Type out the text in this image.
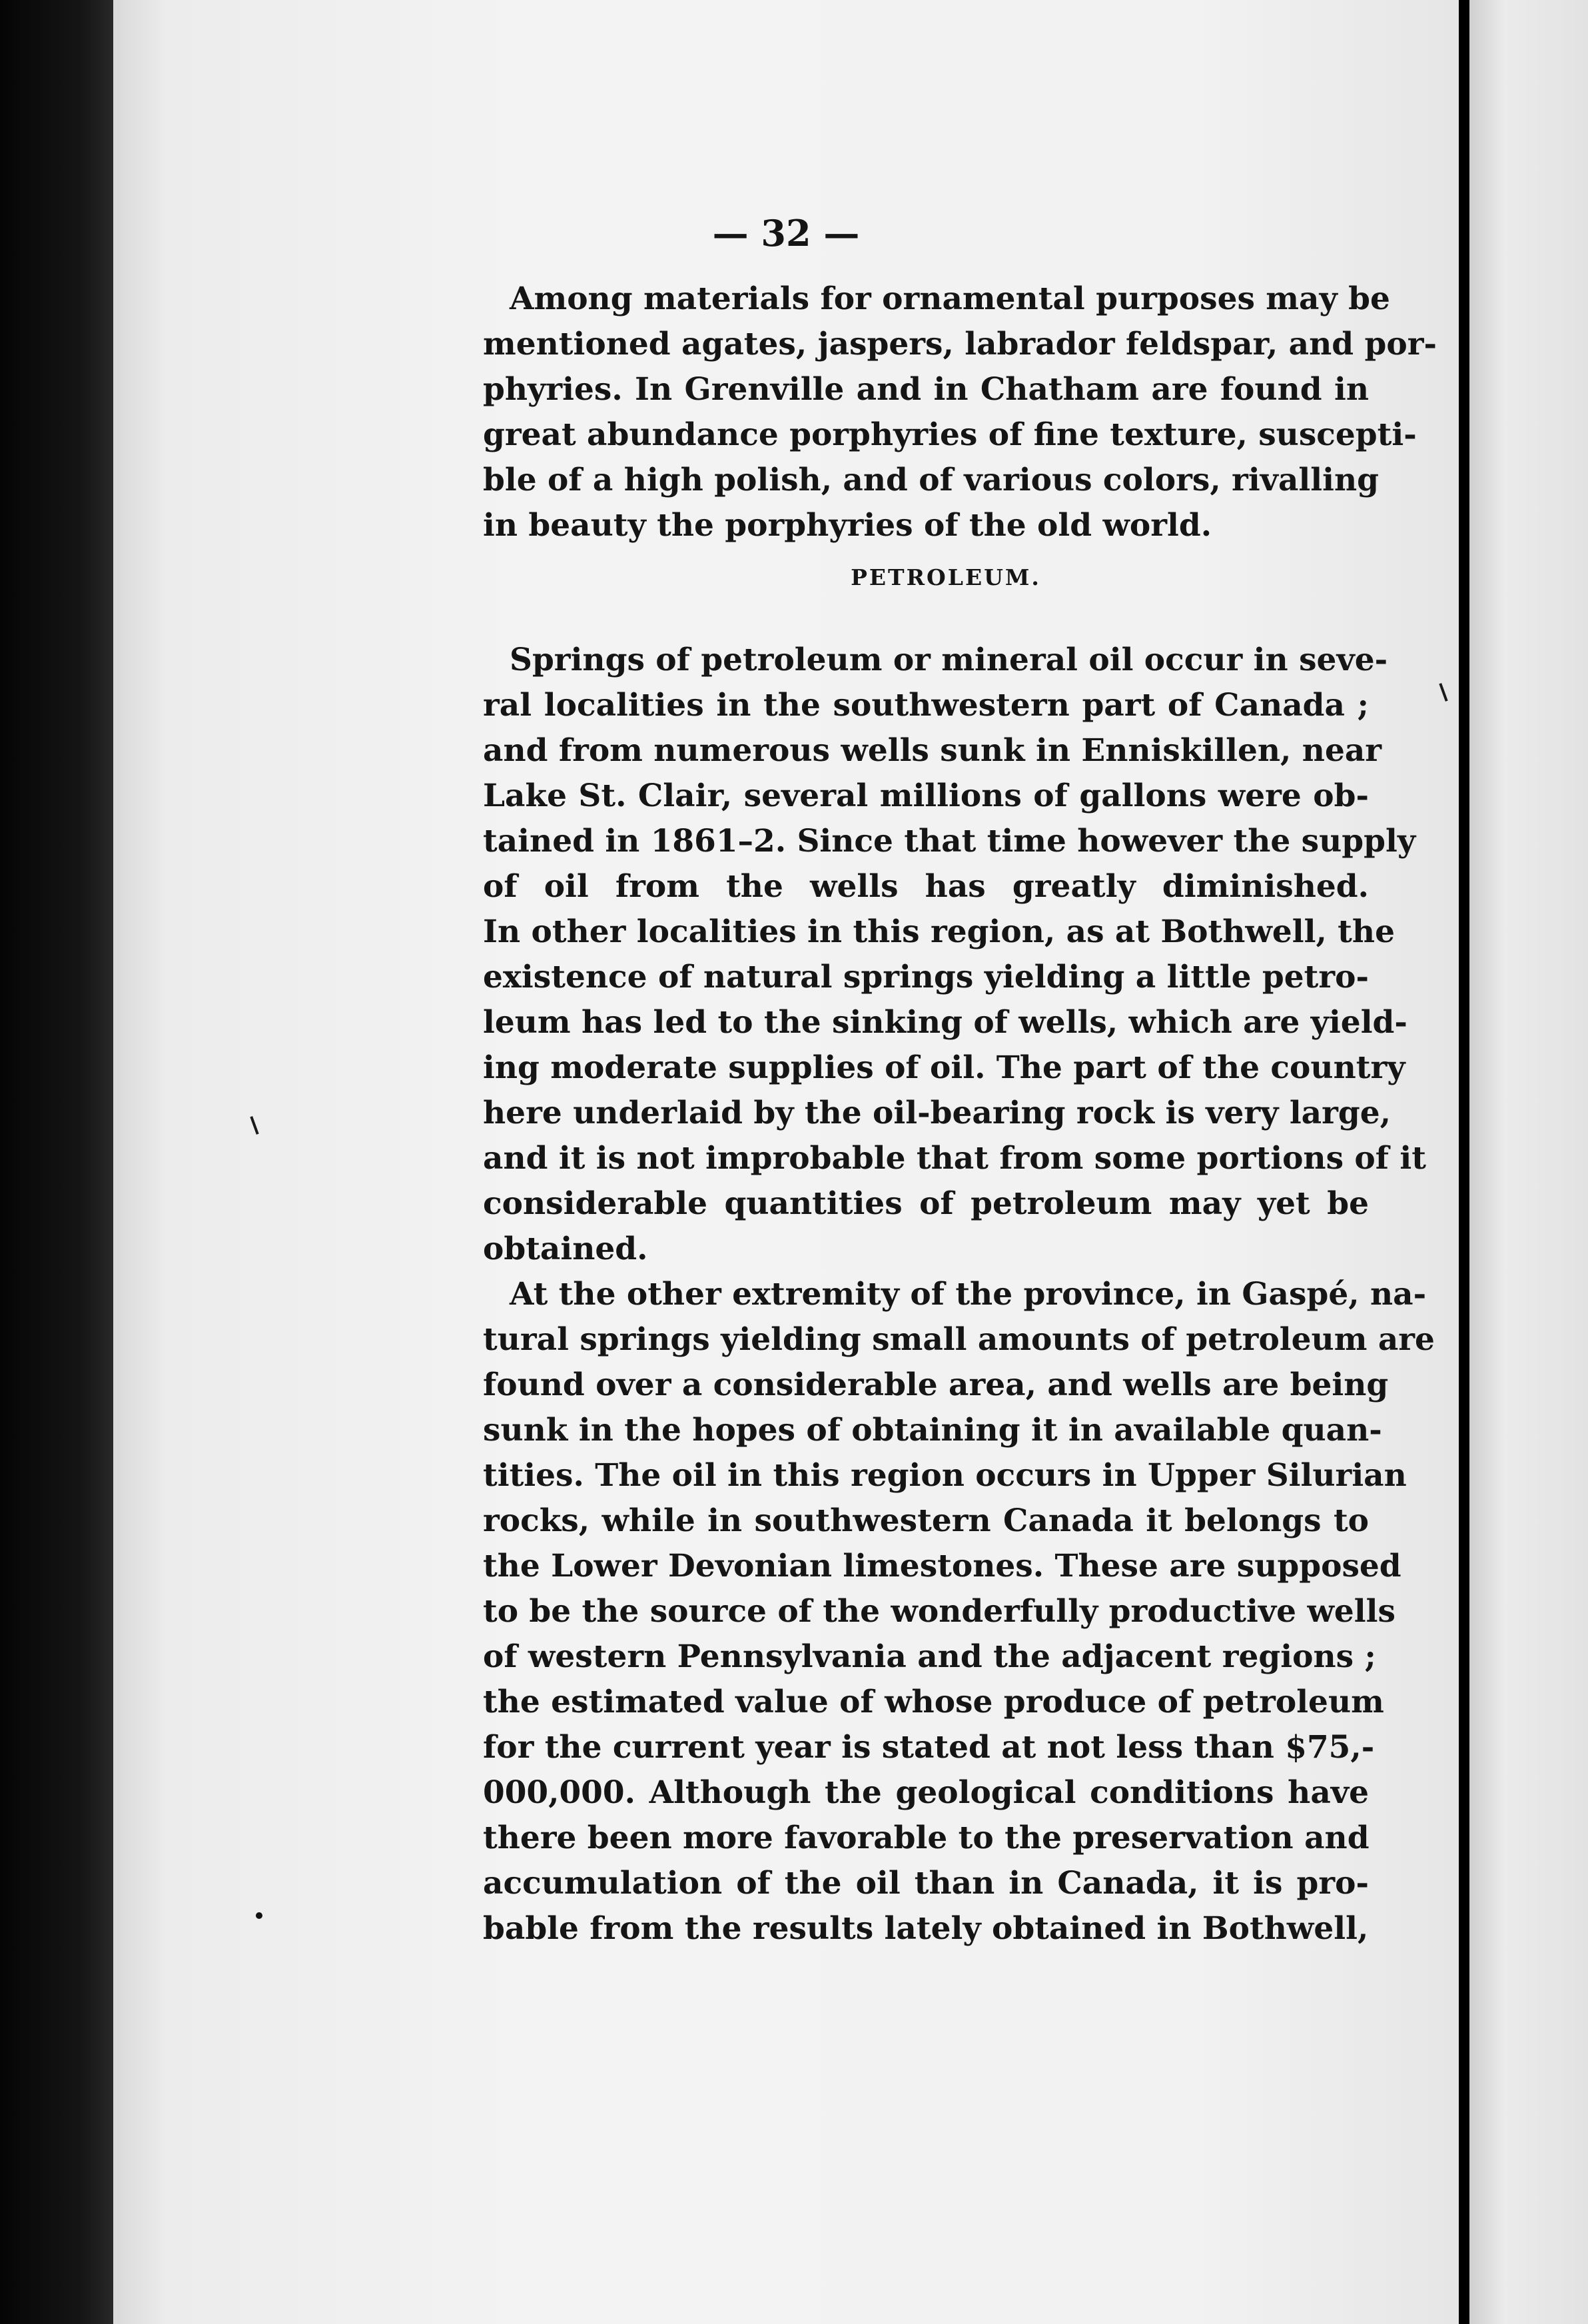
— 32 —
Among materials for ornamental purposes may be
mentioned agates, jaspers, labrador feldspar, and por-
phyries. In Grenville and in Chatham are found in
great abundance porphyries of fine texture, suscepti-
ble of a high polish, and of various colors, rivalling
in beauty the porphyries of the old world.
PETROLEUM.
Springs of petroleum or mineral oil occur in seve-
ral localities in the southwestern part of Canada ;
and from numerous wells sunk in Enniskillen, near
Lake St. Clair, several millions of gallons were ob-
tained in 1861–2. Since that time however the supply
of oil from the wells has greatly diminished.
In other localities in this region, as at Bothwell, the
existence of natural springs yielding a little petro-
leum has led to the sinking of wells, which are yield-
ing moderate supplies of oil. The part of the country
here underlaid by the oil-bearing rock is very large,
and it is not improbable that from some portions of it
considerable quantities of petroleum may yet be
obtained.
At the other extremity of the province, in Gaspé, na-
tural springs yielding small amounts of petroleum are
found over a considerable area, and wells are being
sunk in the hopes of obtaining it in available quan-
tities. The oil in this region occurs in Upper Silurian
rocks, while in southwestern Canada it belongs to
the Lower Devonian limestones. These are supposed
to be the source of the wonderfully productive wells
of western Pennsylvania and the adjacent regions ;
the estimated value of whose produce of petroleum
for the current year is stated at not less than $75,-
000,000. Although the geological conditions have
there been more favorable to the preservation and
accumulation of the oil than in Canada, it is pro-
bable from the results lately obtained in Bothwell,
